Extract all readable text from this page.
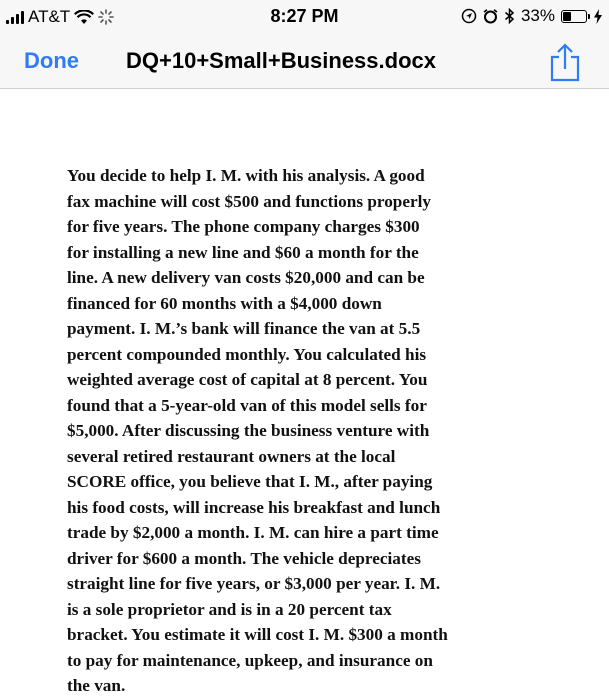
AT&T	8:27 PM	33%
Done DQ+10+Small+Business.docx
You decide to help I. M. with his analysis. A good
fax machine will cost $500 and functions properly
for five years. The phone company charges $300
for installing a new line and $60 a month for the
line. A new delivery van costs $20,000 and can be
financed for 60 months with a $4,000 down
payment. I. M.’s bank will finance the van at 5.5
percent compounded monthly. You calculated his
weighted average cost of capital at 8 percent. You
found that a 5-year-old van of this model sells for
$5,000. After discussing the business venture with
several retired restaurant owners at the local
SCORE office, you believe that I. M., after paying
his food costs, will increase his breakfast and lunch
trade by $2,000 a month. I. M. can hire a part time
driver for $600 a month. The vehicle depreciates
straight line for five years, or $3,000 per year. I. M.
is a sole proprietor and is in a 20 percent tax
bracket. You estimate it will cost I. M. $300 a month
to pay for maintenance, upkeep, and insurance on
the van.
